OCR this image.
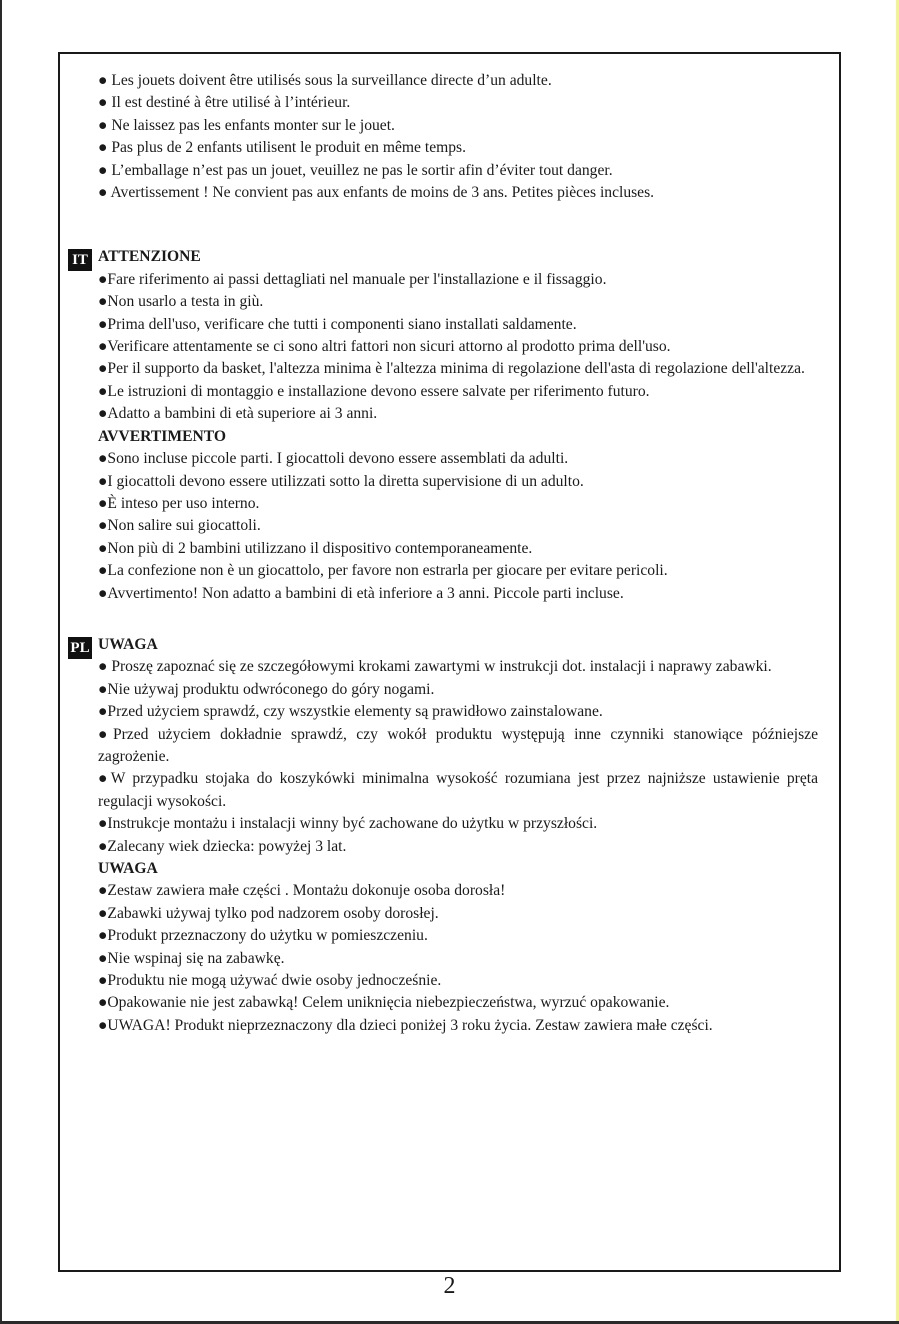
● Les jouets doivent être utilisés sous la surveillance directe d’un adulte.

● Il est destiné à être utilisé à l’intérieur.

● Ne laissez pas les enfants monter sur le jouet.

● Pas plus de 2 enfants utilisent le produit en même temps.

● L’emballage n’est pas un jouet, veuillez ne pas le sortir afin d’éviter tout danger.

● Avertissement ! Ne convient pas aux enfants de moins de 3 ans. Petites pièces incluses.

IT ATTENZIONE

●Fare riferimento ai passi dettagliati nel manuale per l'installazione e il fissaggio.

●Non usarlo a testa in giù.

●Prima dell'uso, verificare che tutti i componenti siano installati saldamente.

●Verificare attentamente se ci sono altri fattori non sicuri attorno al prodotto prima dell'uso.

●Per il supporto da basket, l'altezza minima è l'altezza minima di regolazione dell'asta di regolazione dell'altezza.

●Le istruzioni di montaggio e installazione devono essere salvate per riferimento futuro.

●Adatto a bambini di età superiore ai 3 anni.

AVVERTIMENTO

●Sono incluse piccole parti. I giocattoli devono essere assemblati da adulti.

●I giocattoli devono essere utilizzati sotto la diretta supervisione di un adulto.

●È inteso per uso interno.

●Non salire sui giocattoli.

●Non più di 2 bambini utilizzano il dispositivo contemporaneamente.

●La confezione non è un giocattolo, per favore non estrarla per giocare per evitare pericoli.

●Avvertimento! Non adatto a bambini di età inferiore a 3 anni. Piccole parti incluse.

PL UWAGA

● Proszę zapoznać się ze szczegółowymi krokami zawartymi w instrukcji dot. instalacji i naprawy zabawki.

●Nie używaj produktu odwróconego do góry nogami.

●Przed użyciem sprawdź, czy wszystkie elementy są prawidłowo zainstalowane.

●Przed użyciem dokładnie sprawdź, czy wokół produktu występują inne czynniki stanowiące późniejsze zagrożenie.

●W przypadku stojaka do koszykówki minimalna wysokość rozumiana jest przez najniższe ustawienie pręta regulacji wysokości.

●Instrukcje montażu i instalacji winny być zachowane do użytku w przyszłości.

●Zalecany wiek dziecka: powyżej 3 lat.

UWAGA

●Zestaw zawiera małe części . Montażu dokonuje osoba dorosła!

●Zabawki używaj tylko pod nadzorem osoby dorosłej.

●Produkt przeznaczony do użytku w pomieszczeniu.

●Nie wspinaj się na zabawkę.

●Produktu nie mogą używać dwie osoby jednocześnie.

●Opakowanie nie jest zabawką! Celem uniknięcia niebezpieczeństwa, wyrzuć opakowanie.

●UWAGA! Produkt nieprzeznaczony dla dzieci poniżej 3 roku życia. Zestaw zawiera małe części.

2
